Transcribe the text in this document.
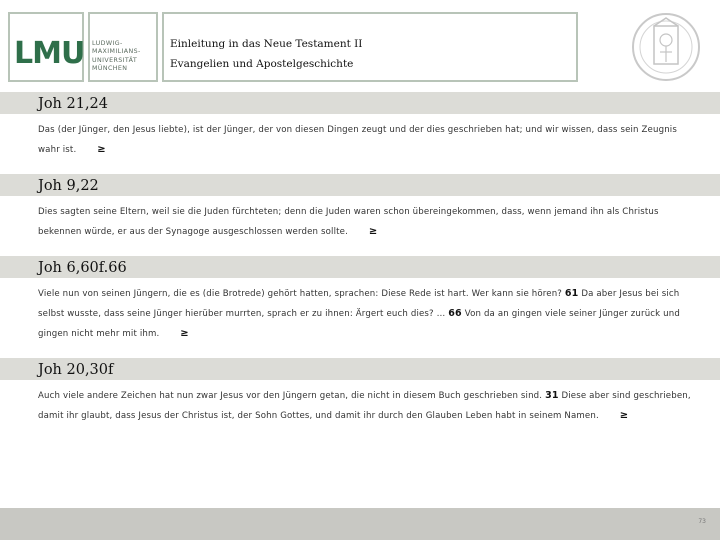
LMU LUDWIG-
MAXIMILIANS-
UNIVERSITÄT
MÜNCHEN
Einleitung in das Neue Testament II
Evangelien und Apostelgeschichte
Joh 21,24
Das (der Jünger, den Jesus liebte), ist der Jünger, der von diesen Dingen zeugt und der dies geschrieben hat; und wir wissen, dass sein Zeugnis wahr ist. ≥
Joh 9,22
Dies sagten seine Eltern, weil sie die Juden fürchteten; denn die Juden waren schon übereingekommen, dass, wenn jemand ihn als Christus bekennen würde, er aus der Synagoge ausgeschlossen werden sollte. ≥
Joh 6,60f.66
Viele nun von seinen Jüngern, die es (die Brotrede) gehört hatten, sprachen: Diese Rede ist hart. Wer kann sie hören? 61 Da aber Jesus bei sich selbst wusste, dass seine Jünger hierüber murrten, sprach er zu ihnen: Ärgert euch dies? … 66 Von da an gingen viele seiner Jünger zurück und gingen nicht mehr mit ihm. ≥
Joh 20,30f
Auch viele andere Zeichen hat nun zwar Jesus vor den Jüngern getan, die nicht in diesem Buch geschrieben sind. 31 Diese aber sind geschrieben, damit ihr glaubt, dass Jesus der Christus ist, der Sohn Gottes, und damit ihr durch den Glauben Leben habt in seinem Namen. ≥
73
